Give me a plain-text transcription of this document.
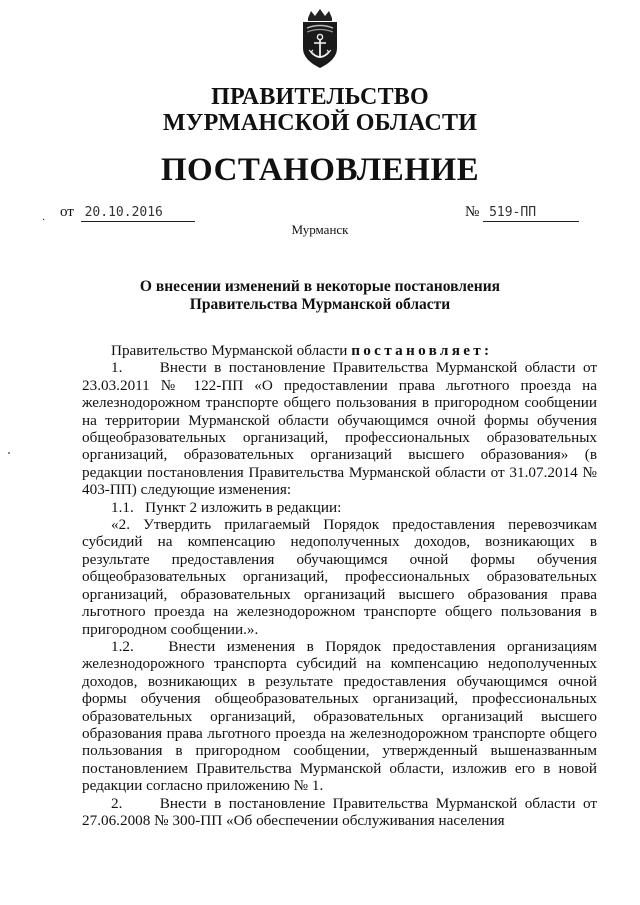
ПРАВИТЕЛЬСТВО
МУРМАНСКОЙ ОБЛАСТИ
ПОСТАНОВЛЕНИЕ
·
от 20.10.2016	№ 519-ПП
Мурманск
О внесении изменений в некоторые постановления
Правительства Мурманской области

Правительство Мурманской области постановляет:

1.     Внести в постановление Правительства Мурманской области от 23.03.2011 № 122-ПП «О предоставлении права льготного проезда на железнодорожном транспорте общего пользования в пригородном сообщении на территории Мурманской области обучающимся очной формы обучения общеобразовательных организаций, профессиональных образовательных организаций, образовательных организаций высшего образования» (в редакции постановления Правительства Мурманской области от 31.07.2014 № 403-ПП) следующие изменения:

1.1.   Пункт 2 изложить в редакции:

«2. Утвердить прилагаемый Порядок предоставления перевозчикам субсидий на компенсацию недополученных доходов, возникающих в результате предоставления обучающимся очной формы обучения общеобразовательных организаций, профессиональных образовательных организаций, образовательных организаций высшего образования права льготного проезда на железнодорожном транспорте общего пользования в пригородном сообщении.».

1.2.   Внести изменения в Порядок предоставления организациям железнодорожного транспорта субсидий на компенсацию недополученных доходов, возникающих в результате предоставления обучающимся очной формы обучения общеобразовательных организаций, профессиональных образовательных организаций, образовательных организаций высшего образования права льготного проезда на железнодорожном транспорте общего пользования в пригородном сообщении, утвержденный вышеназванным постановлением Правительства Мурманской области, изложив его в новой редакции согласно приложению № 1.

2.     Внести в постановление Правительства Мурманской области от 27.06.2008 № 300-ПП «Об обеспечении обслуживания населения
